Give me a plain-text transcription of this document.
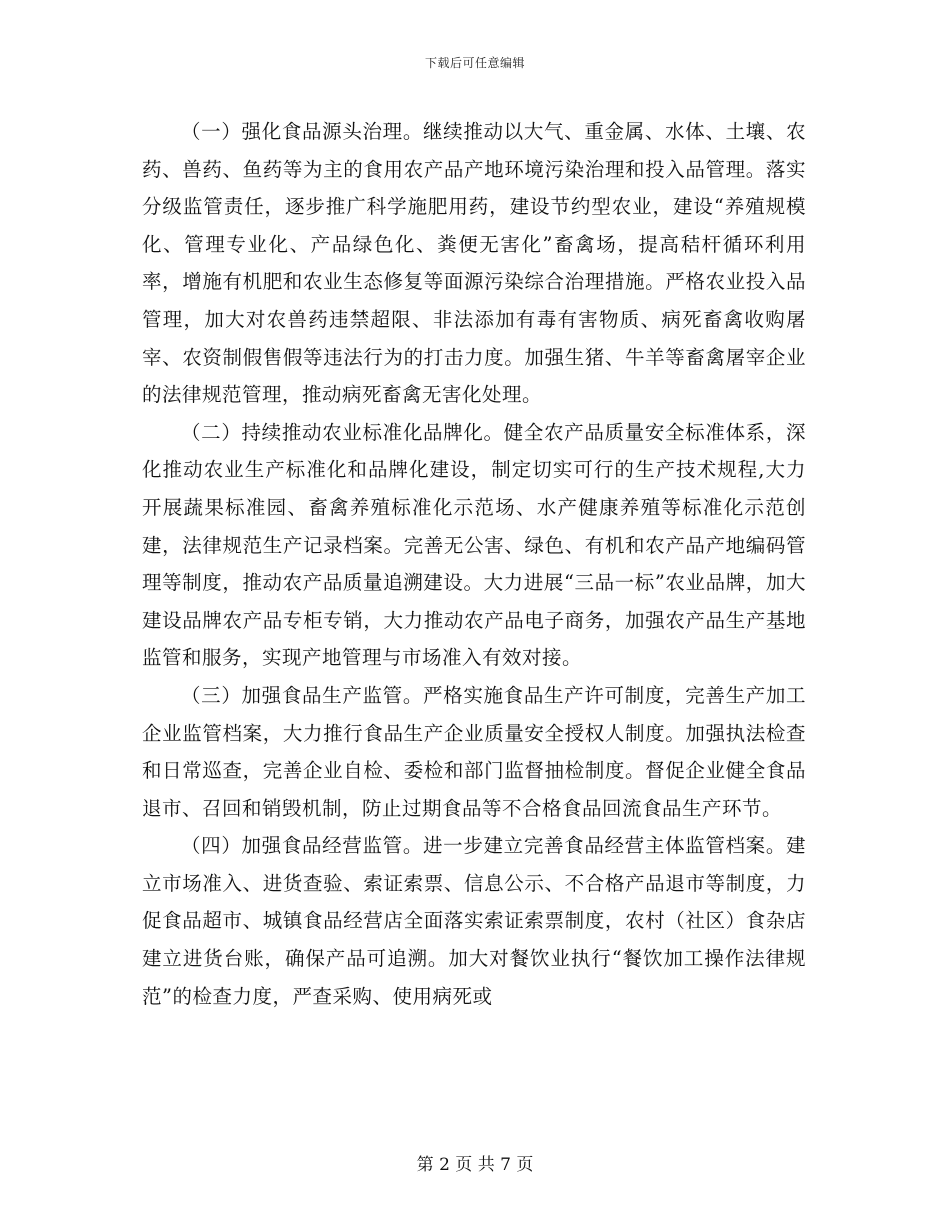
下载后可任意编辑

（一）强化食品源头治理。继续推动以大气、重金属、水体、土壤、农药、兽药、鱼药等为主的食用农产品产地环境污染治理和投入品管理。落实分级监管责任，逐步推广科学施肥用药，建设节约型农业，建设“养殖规模化、管理专业化、产品绿色化、粪便无害化”畜禽场，提高秸杆循环利用率，增施有机肥和农业生态修复等面源污染综合治理措施。严格农业投入品管理，加大对农兽药违禁超限、非法添加有毒有害物质、病死畜禽收购屠宰、农资制假售假等违法行为的打击力度。加强生猪、牛羊等畜禽屠宰企业的法律规范管理，推动病死畜禽无害化处理。

（二）持续推动农业标准化品牌化。健全农产品质量安全标准体系，深化推动农业生产标准化和品牌化建设，制定切实可行的生产技术规程,大力开展蔬果标准园、畜禽养殖标准化示范场、水产健康养殖等标准化示范创建，法律规范生产记录档案。完善无公害、绿色、有机和农产品产地编码管理等制度，推动农产品质量追溯建设。大力进展“三品一标”农业品牌，加大建设品牌农产品专柜专销，大力推动农产品电子商务，加强农产品生产基地监管和服务，实现产地管理与市场准入有效对接。

（三）加强食品生产监管。严格实施食品生产许可制度，完善生产加工企业监管档案，大力推行食品生产企业质量安全授权人制度。加强执法检查和日常巡查，完善企业自检、委检和部门监督抽检制度。督促企业健全食品退市、召回和销毁机制，防止过期食品等不合格食品回流食品生产环节。

（四）加强食品经营监管。进一步建立完善食品经营主体监管档案。建立市场准入、进货查验、索证索票、信息公示、不合格产品退市等制度，力促食品超市、城镇食品经营店全面落实索证索票制度，农村（社区）食杂店建立进货台账，确保产品可追溯。加大对餐饮业执行“餐饮加工操作法律规范”的检查力度，严查采购、使用病死或

第 2 页 共 7 页
